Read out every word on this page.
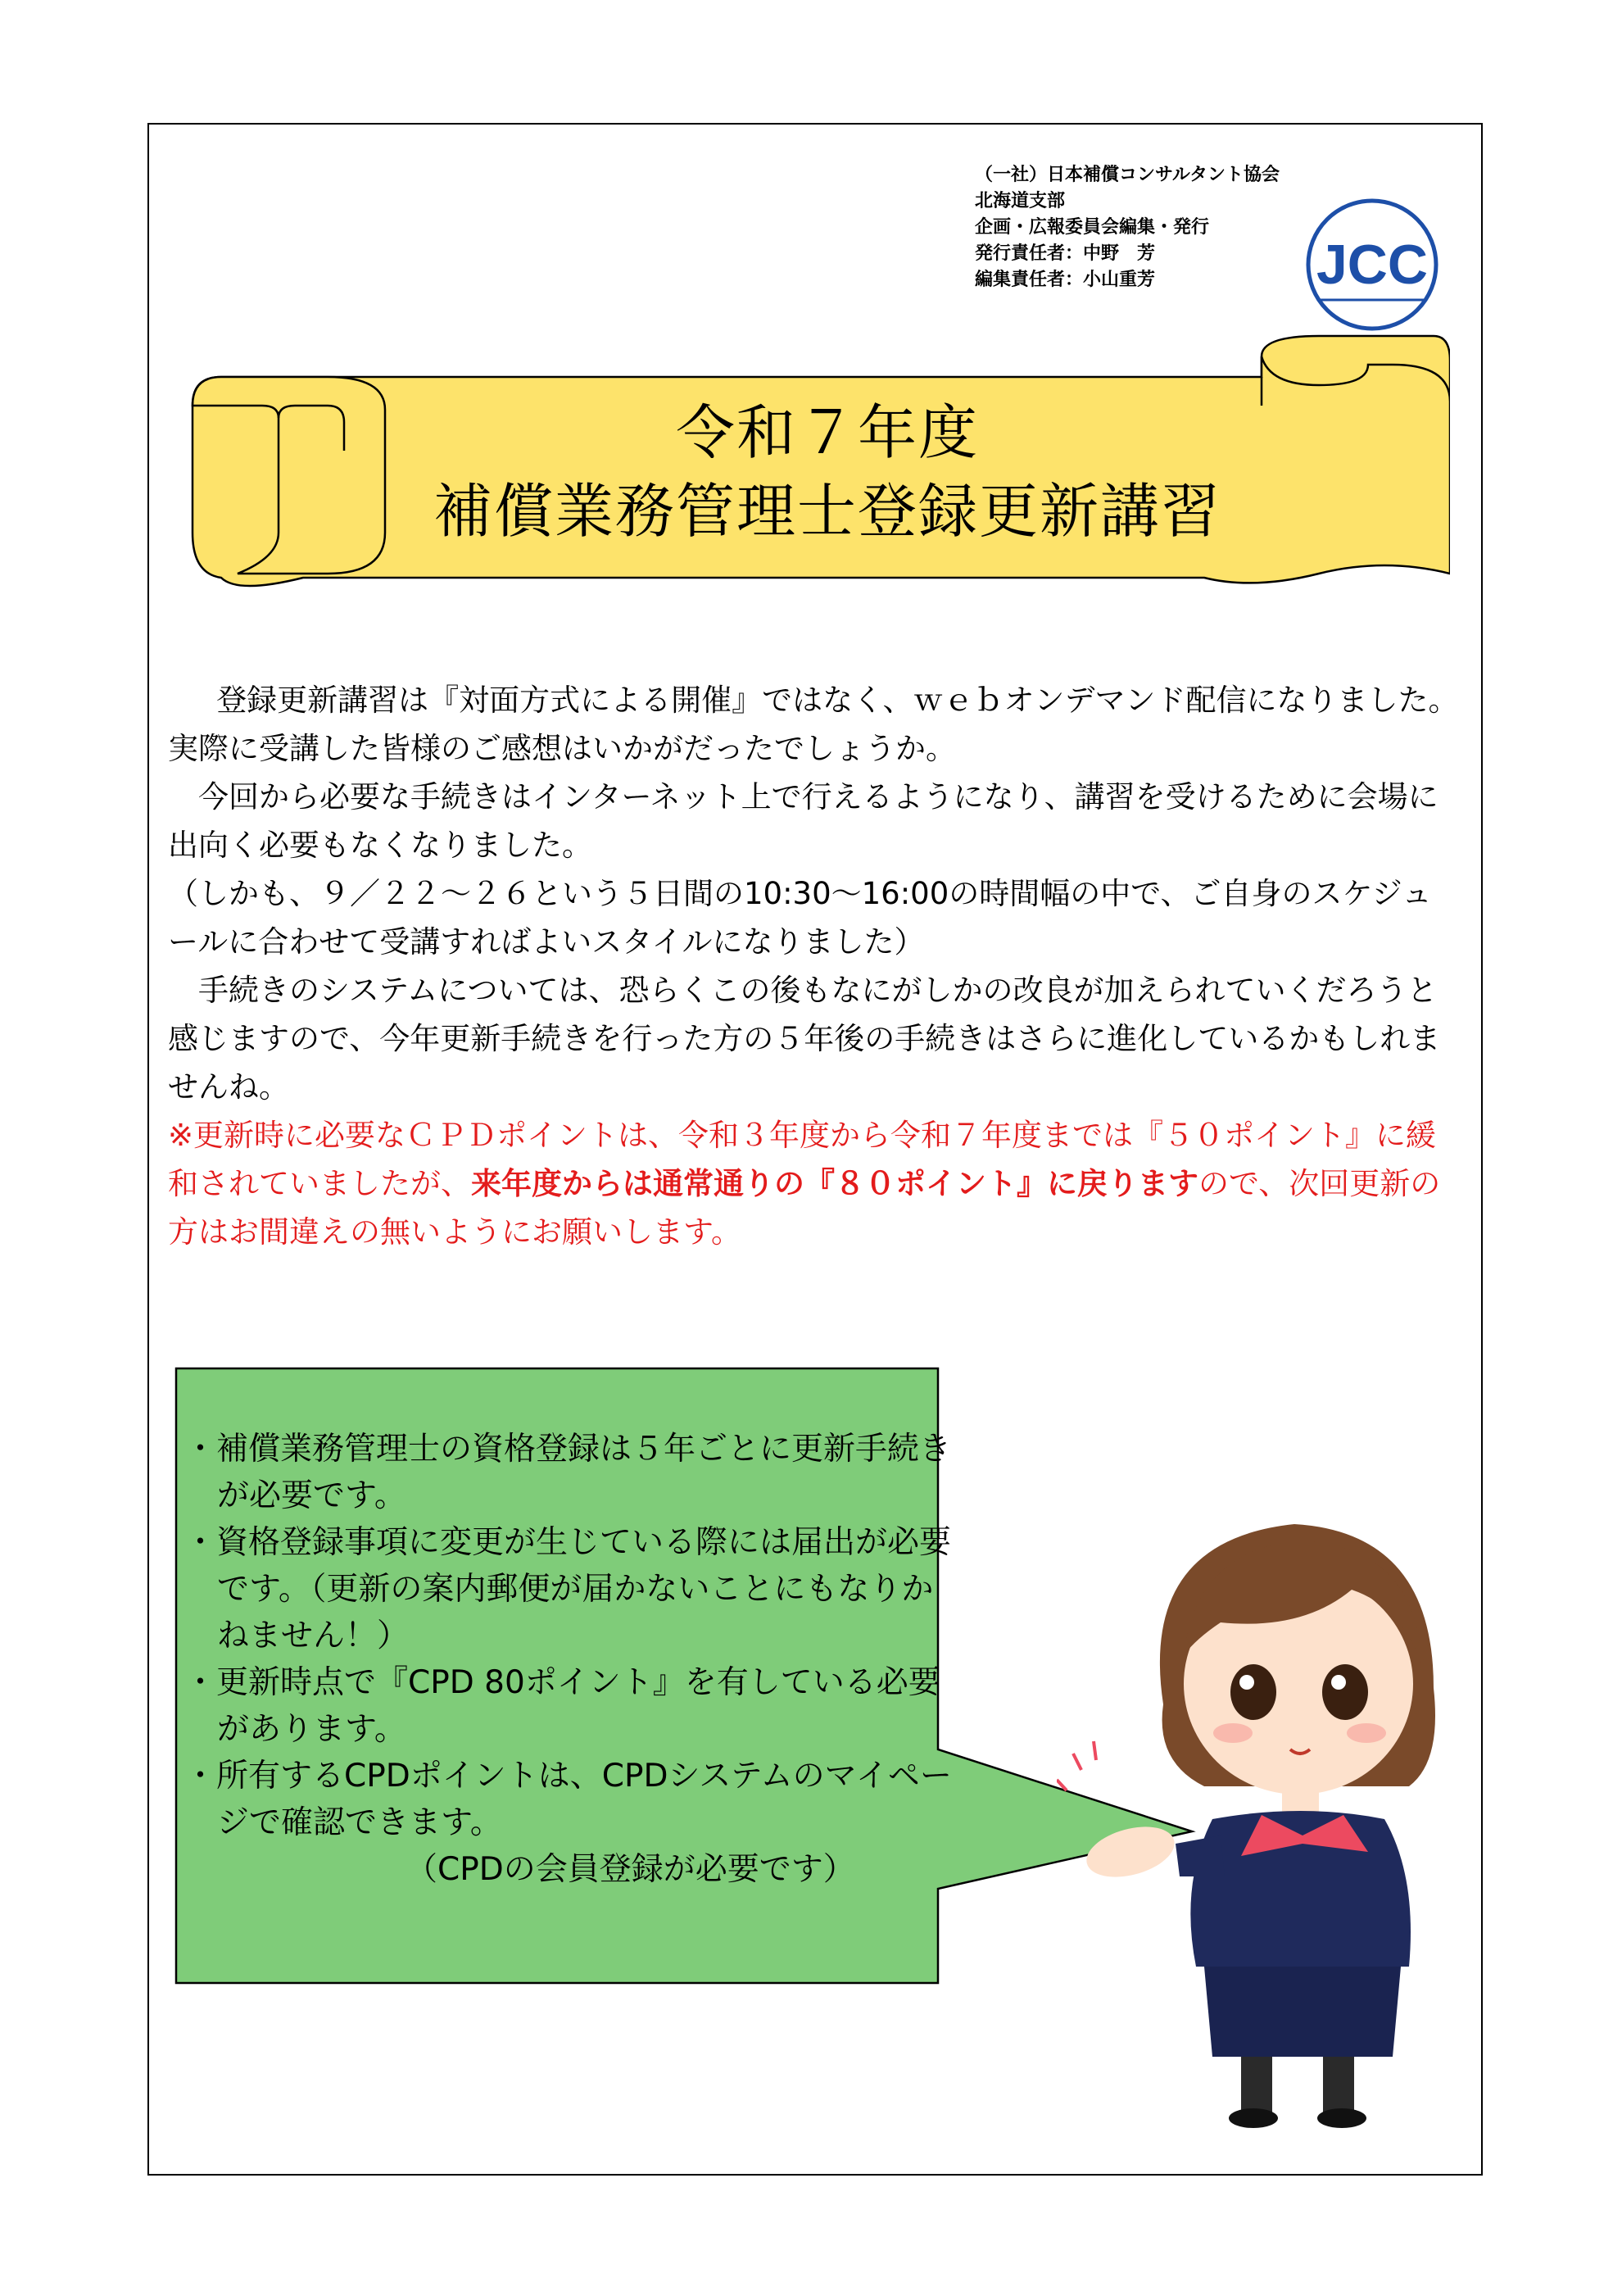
（一社）日本補償コンサルタント協会
北海道支部
企画・広報委員会編集・発行
発行責任者：中野　芳
編集責任者：小山重芳	JCC
令和７年度
補償業務管理士登録更新講習

登録更新講習は『対面方式による開催』ではなく、ｗｅｂオンデマンド配信になりました。実際に受講した皆様のご感想はいかがだったでしょうか。

今回から必要な手続きはインターネット上で行えるようになり、講習を受けるために会場に出向く必要もなくなりました。

（しかも、９／２２～２６という５日間の10:30～16:00の時間幅の中で、ご自身のスケジュールに合わせて受講すればよいスタイルになりました）

手続きのシステムについては、恐らくこの後もなにがしかの改良が加えられていくだろうと感じますので、今年更新手続きを行った方の５年後の手続きはさらに進化しているかもしれませんね。

※更新時に必要なＣＰＤポイントは、令和３年度から令和７年度までは『５０ポイント』に緩和されていましたが、来年度からは通常通りの『８０ポイント』に戻りますので、次回更新の方はお間違えの無いようにお願いします。

・補償業務管理士の資格登録は５年ごとに更新手続きが必要です。

・資格登録事項に変更が生じている際には届出が必要です。（更新の案内郵便が届かないことにもなりかねません！）

・更新時点で『CPD 80ポイント』を有している必要があります。

・所有するCPDポイントは、CPDシステムのマイページで確認できます。

（CPDの会員登録が必要です）
